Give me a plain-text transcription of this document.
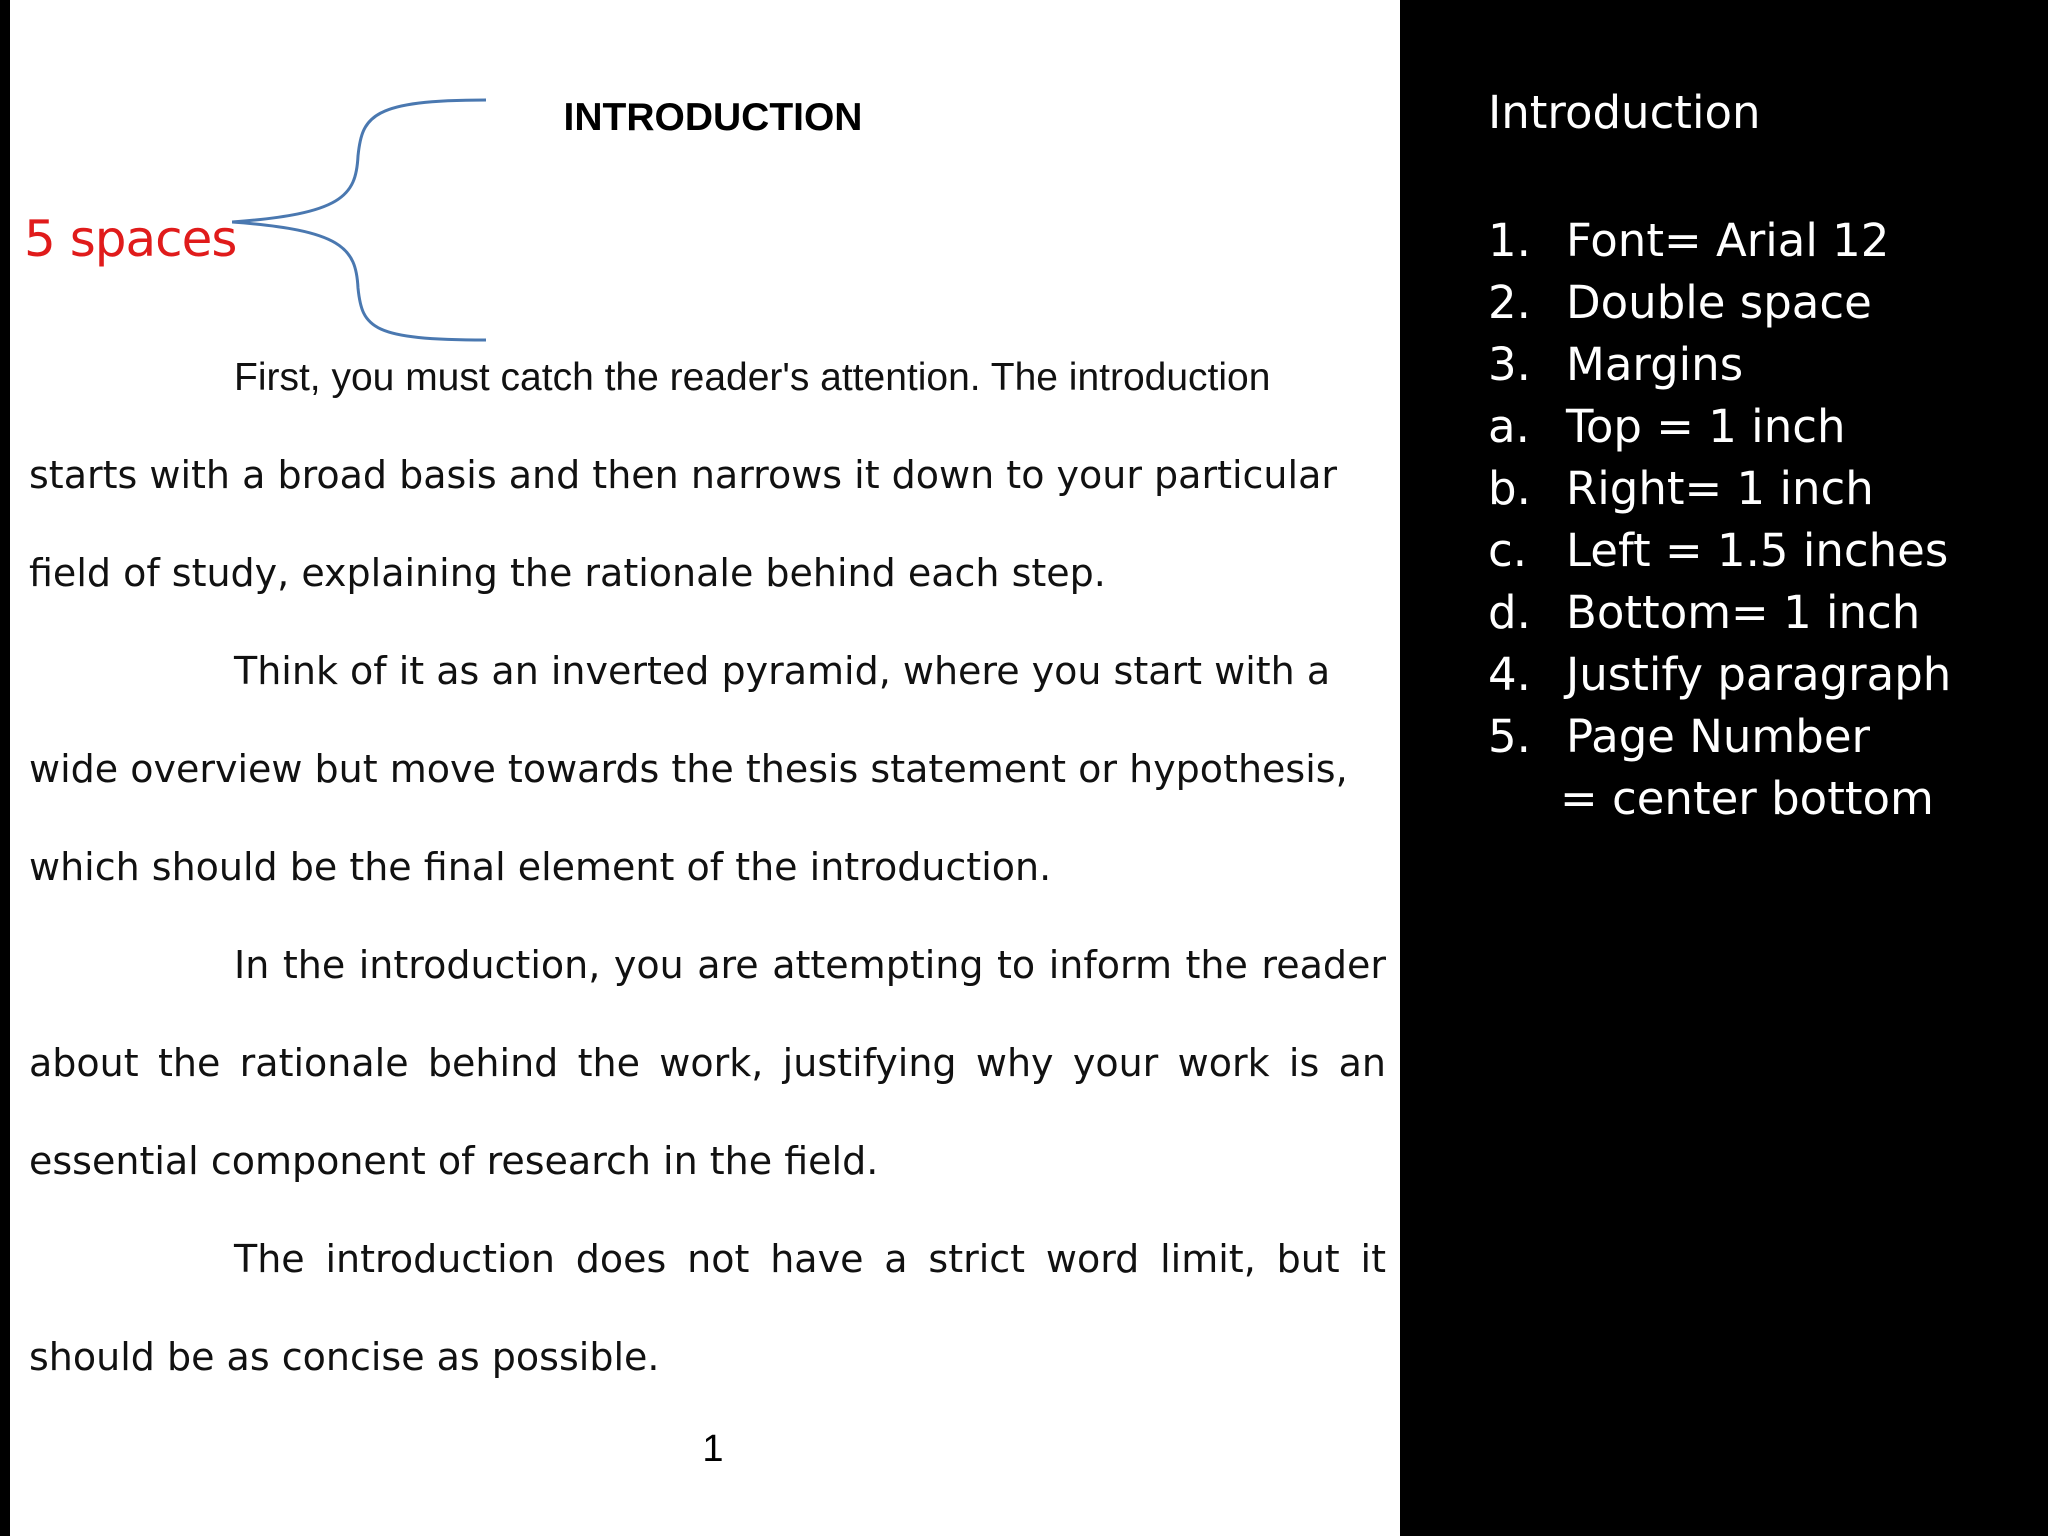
INTRODUCTION
5 spaces

First, you must catch the reader's attention. The introduction

starts with a broad basis and then narrows it down to your particular

field of study, explaining the rationale behind each step.

Think of it as an inverted pyramid, where you start with a

wide overview but move towards the thesis statement or hypothesis,

which should be the final element of the introduction.

In the introduction, you are attempting to inform the reader

about the rationale behind the work, justifying why your work is an

essential component of research in the field.

The introduction does not have a strict word limit, but it

should be as concise as possible.

1
Introduction
1. Font= Arial 12
2. Double space
3. Margins
a. Top = 1 inch
b. Right= 1 inch
c. Left = 1.5 inches
d. Bottom= 1 inch
4. Justify paragraph
5. Page Number
= center bottom
